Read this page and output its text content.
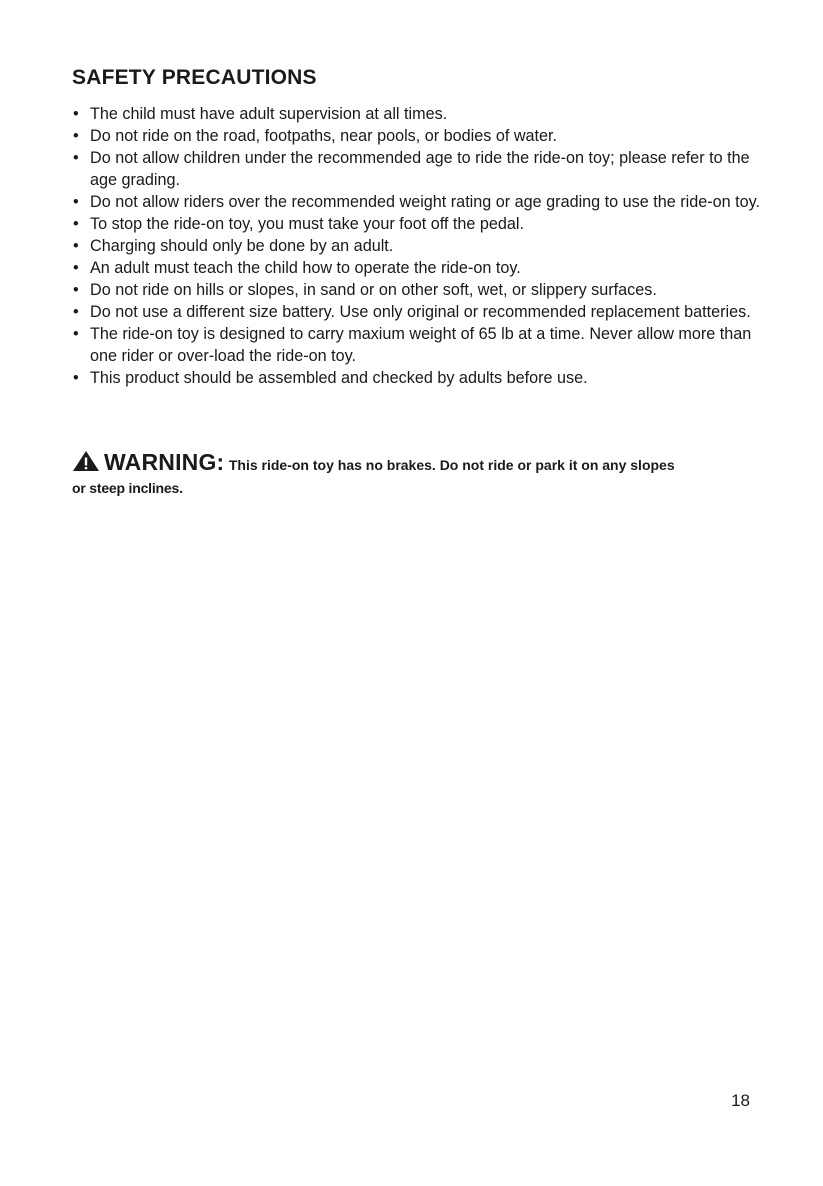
SAFETY PRECAUTIONS
• The child must have adult supervision at all times.
• Do not ride on the road, footpaths, near pools, or bodies of water.
• Do not allow children under the recommended age to ride the ride-on toy; please refer to the age grading.
• Do not allow riders over the recommended weight rating or age grading to use the ride-on toy.
• To stop the ride-on toy, you must take your foot off the pedal.
• Charging should only be done by an adult.
• An adult must teach the child how to operate the ride-on toy.
• Do not ride on hills or slopes, in sand or on other soft, wet, or slippery surfaces.
• Do not use a different size battery. Use only original or recommended replacement batteries.
• The ride-on toy is designed to carry maxium weight of 65 lb at a time. Never allow more than one rider or over-load the ride-on toy.
• This product should be assembled and checked by adults before use.
WARNING: This ride-on toy has no brakes. Do not ride or park it on any slopes
or steep inclines.
18
